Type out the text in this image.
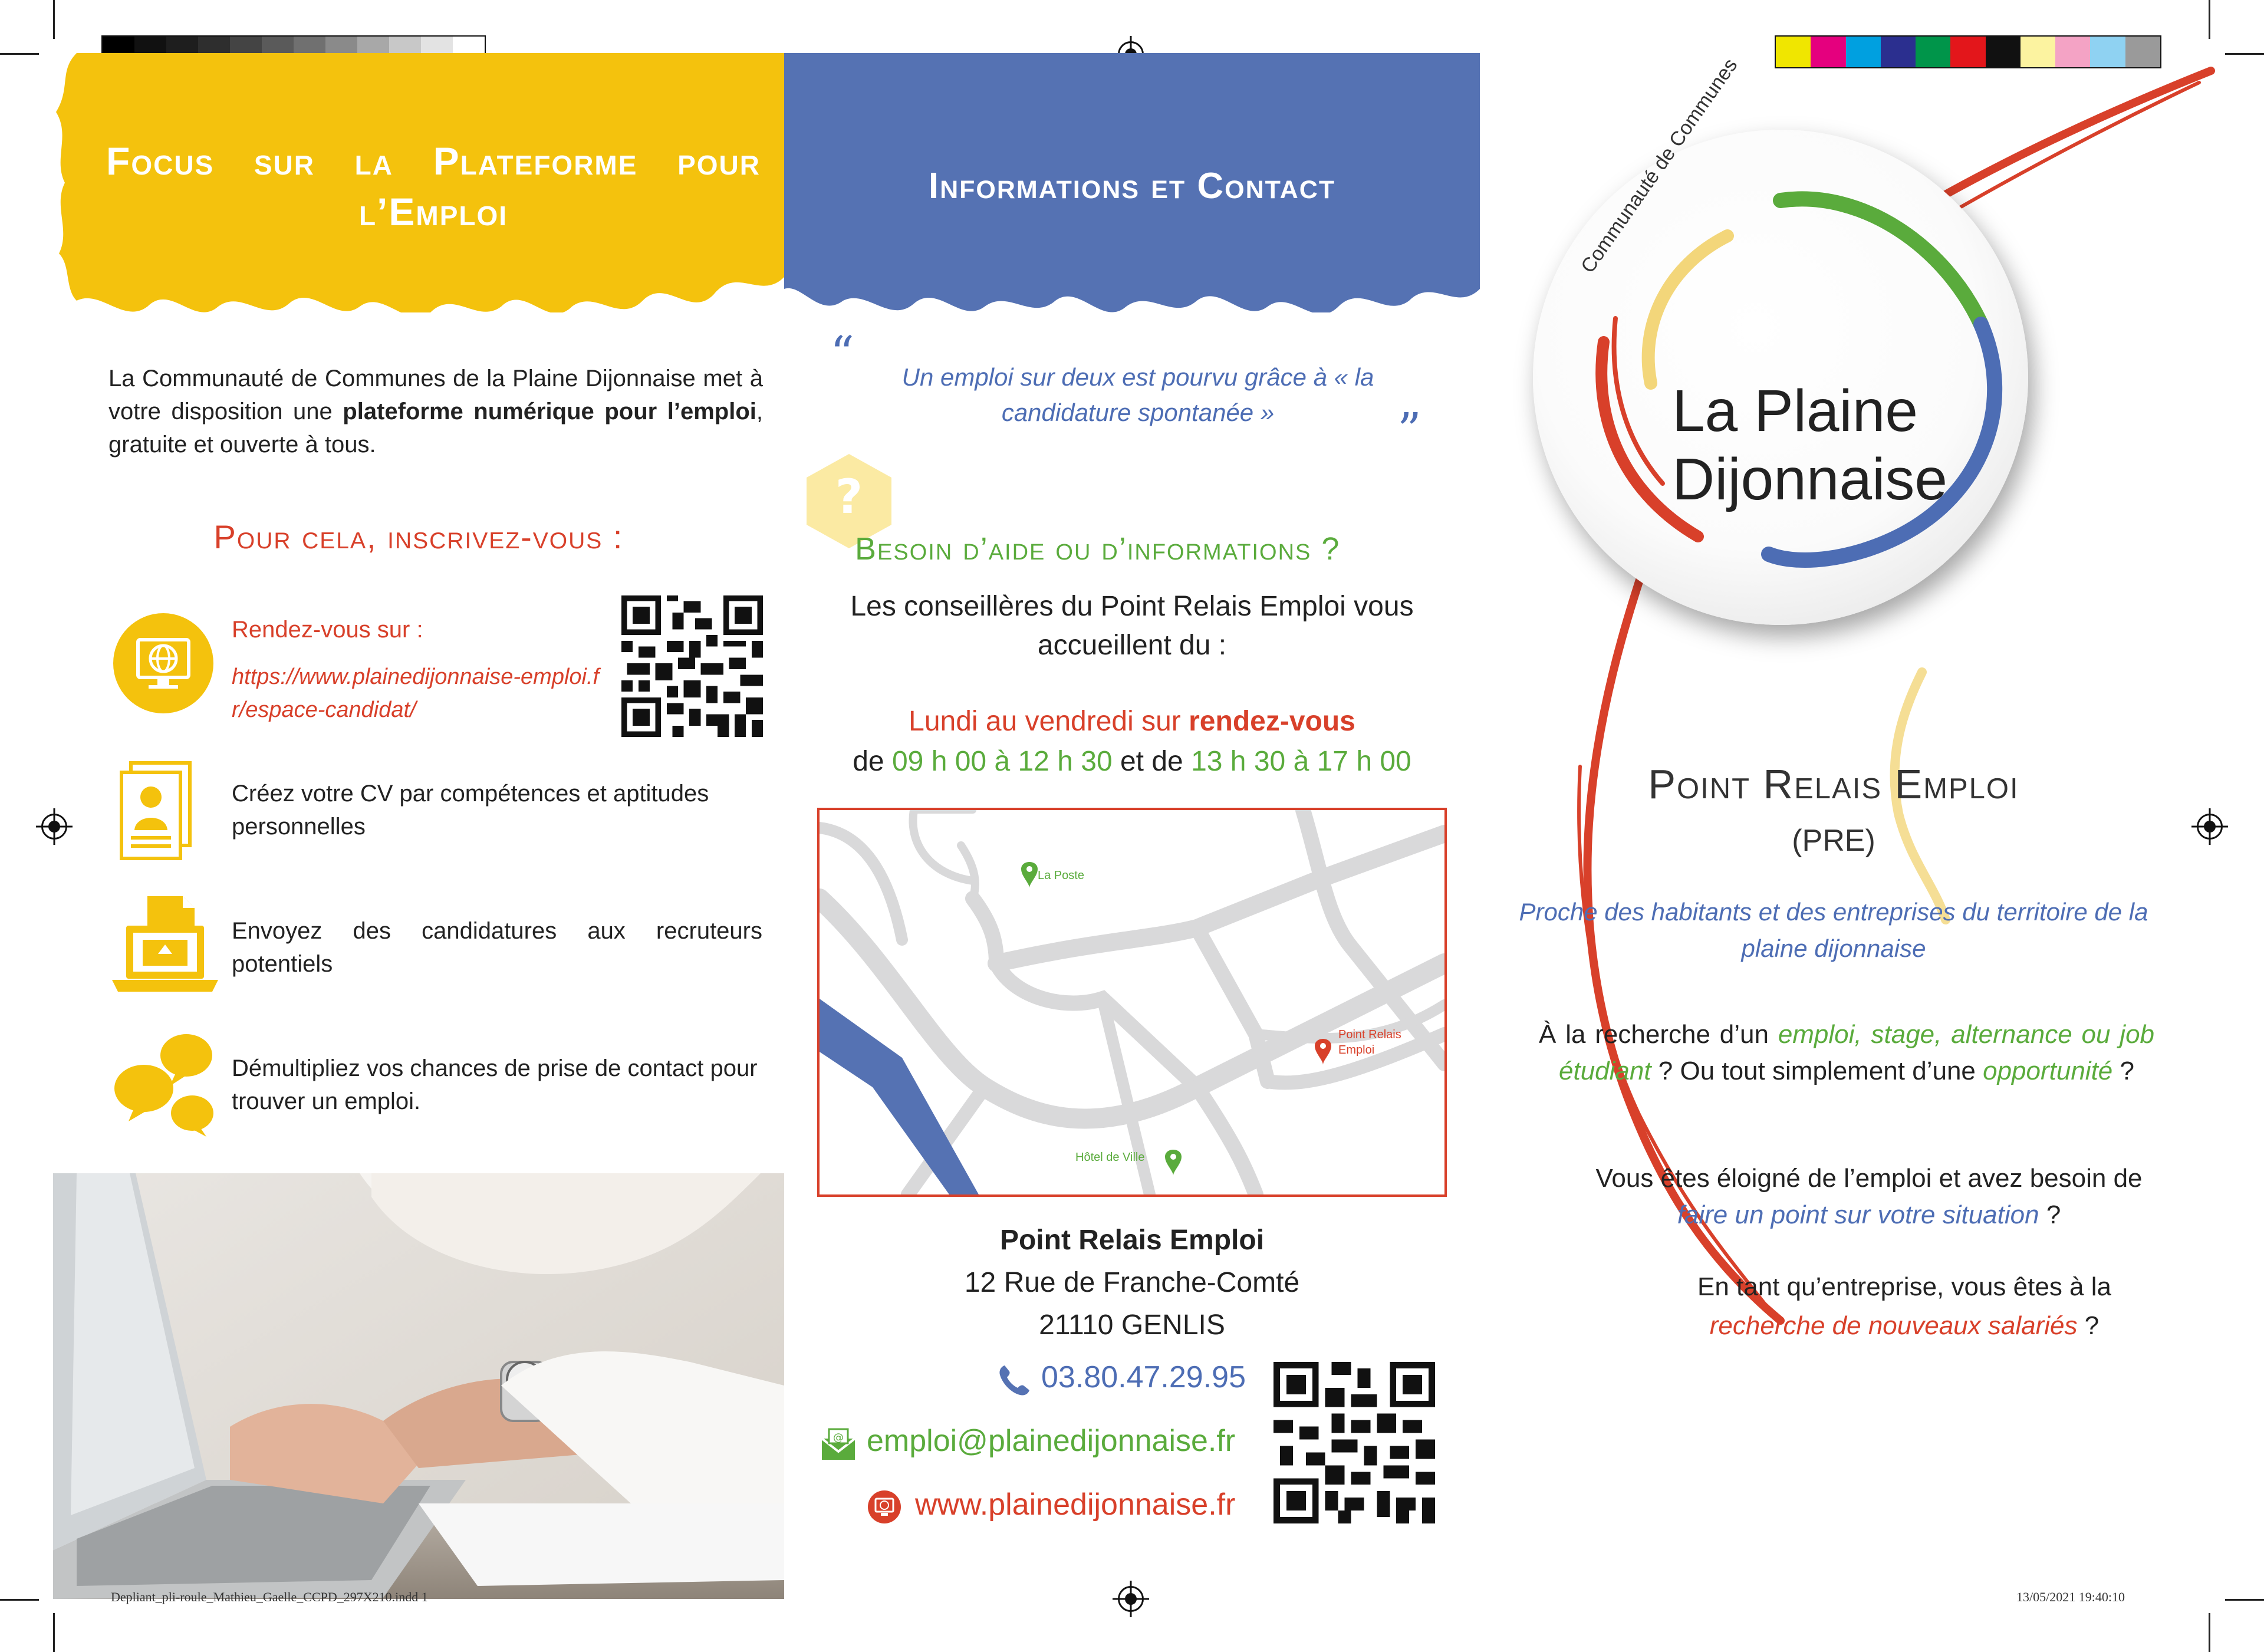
Focus sur la Plateforme pour l’Emploi
La Communauté de Communes de la Plaine Dijonnaise met à votre disposition une plateforme numérique pour l’emploi, gratuite et ouverte à tous.
Pour cela, inscrivez-vous :
Rendez-vous sur :
https://www.plainedijonnaise-emploi.fr/espace-candidat/
Créez votre CV par compétences et aptitudes personnelles
Envoyez des candidatures aux recruteurs potentiels
Démultipliez vos chances de prise de contact pour trouver un emploi.
Informations et Contact
“	Un emploi sur deux est pourvu grâce à « la candidature spontanée »	”
?
Besoin d’aide ou d’informations ?
Les conseillères du Point Relais Emploi vous accueillent du :
Lundi au vendredi sur rendez-vous
de 09 h 00 à 12 h 30 et de 13 h 30 à 17 h 00
La Poste
Point Relais Emploi
Hôtel de Ville
Point Relais Emploi
12 Rue de Franche-Comté
21110 GENLIS
03.80.47.29.95
@ emploi@plainedijonnaise.fr
www.plainedijonnaise.fr
Communauté de Communes
La Plaine
Dijonnaise
Point Relais Emploi
(PRE)
Proche des habitants et des entreprises du territoire de la plaine dijonnaise
À la recherche d’un emploi, stage, alternance ou job étudiant ? Ou tout simplement d’une opportunité ?
Vous êtes éloigné de l’emploi et avez besoin de faire un point sur votre situation ?
En tant qu’entreprise, vous êtes à la recherche de nouveaux salariés ?
Depliant_pli-roule_Mathieu_Gaelle_CCPD_297X210.indd 1	13/05/2021 19:40:10
